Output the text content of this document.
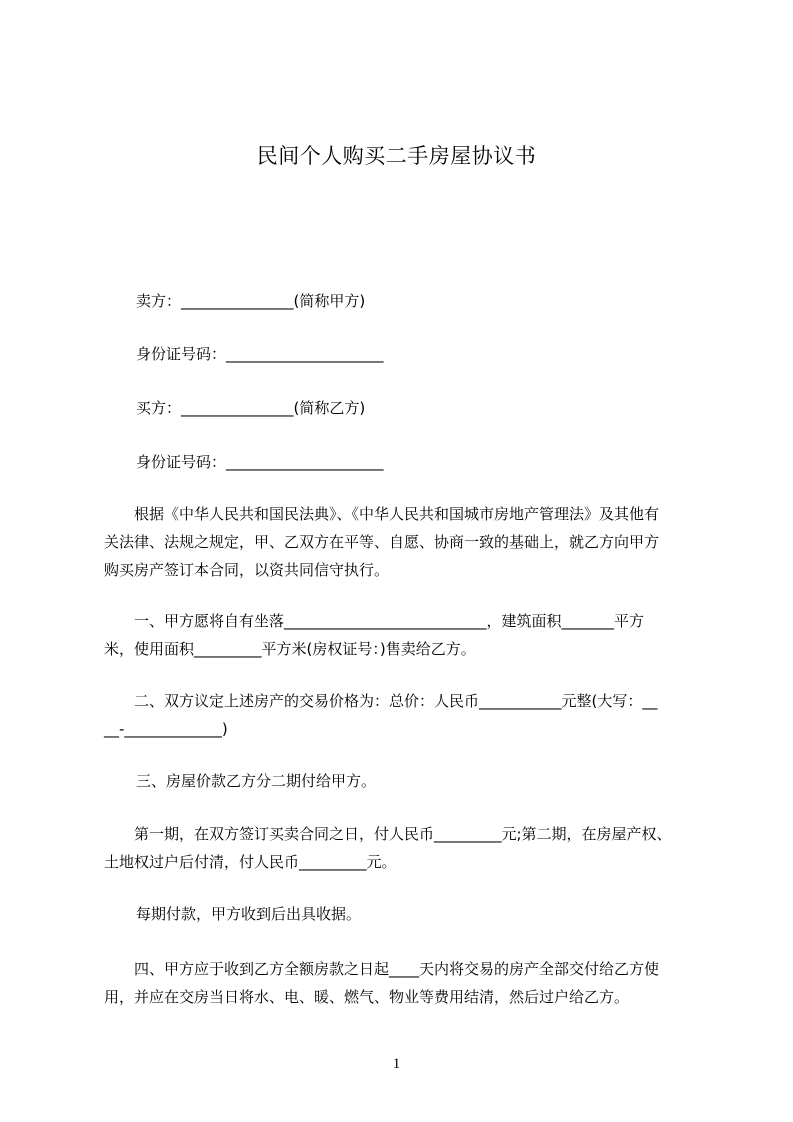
民间个人购买二手房屋协议书
卖方：_______________(简称甲方)
身份证号码：_____________________
买方：_______________(简称乙方)
身份证号码：_____________________
　　根据《中华人民共和国民法典》、《中华人民共和国城市房地产管理法》及其他有
关法律、法规之规定，甲、乙双方在平等、自愿、协商一致的基础上，就乙方向甲方
购买房产签订本合同，以资共同信守执行。
　　一、甲方愿将自有坐落___________________________，建筑面积_______平方
米，使用面积_________平方米(房权证号：)售卖给乙方。
　　二、双方议定上述房产的交易价格为：总价：人民币___________元整(大写：__
__-_____________)
三、房屋价款乙方分二期付给甲方。
　　第一期，在双方签订买卖合同之日，付人民币_________元;第二期，在房屋产权、
土地权过户后付清，付人民币_________元。
每期付款，甲方收到后出具收据。
　　四、甲方应于收到乙方全额房款之日起____天内将交易的房产全部交付给乙方使
用，并应在交房当日将水、电、暖、燃气、物业等费用结清，然后过户给乙方。
1
